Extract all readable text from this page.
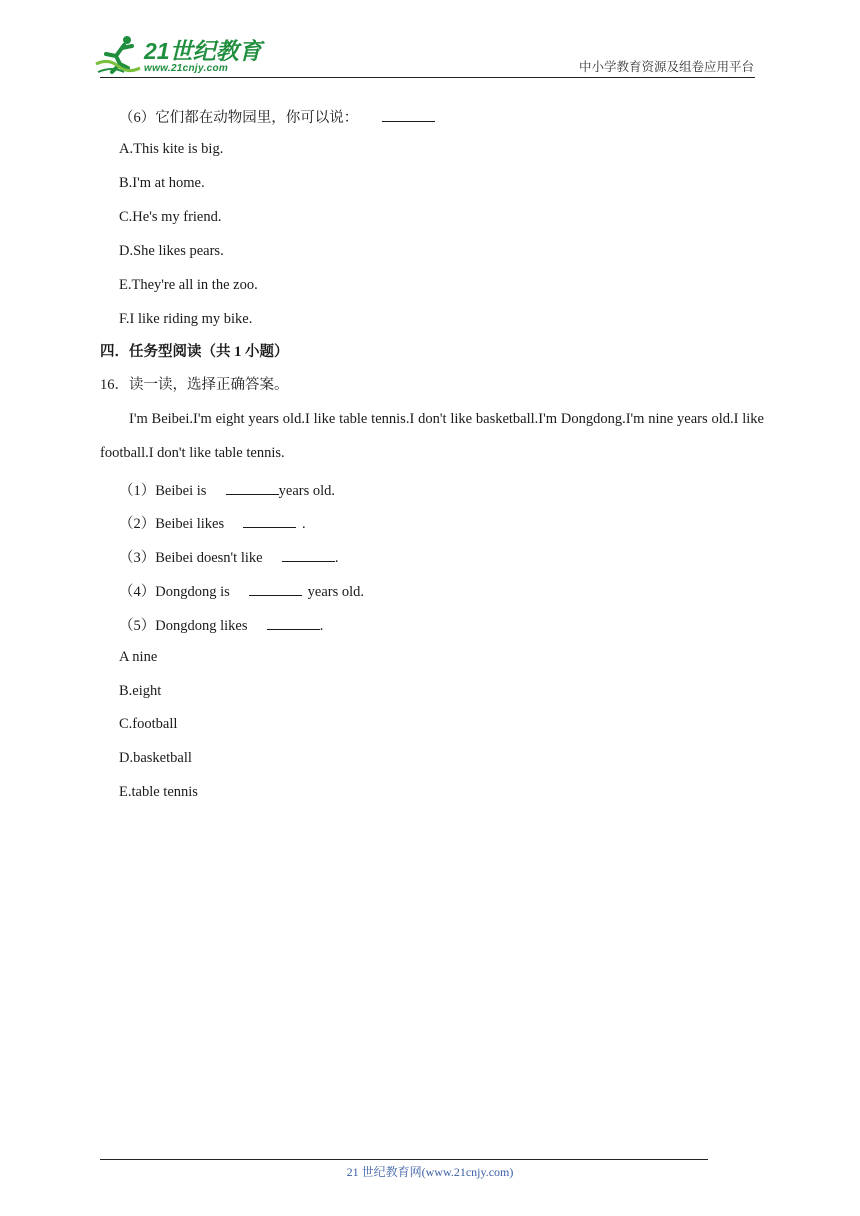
21世纪教育
www.21cnjy.com	中小学教育资源及组卷应用平台
（6）它们都在动物园里，你可以说：
A.This kite is big.
B.I'm at home.
C.He's my friend.
D.She likes pears.
E.They're all in the zoo.
F.I like riding my bike.
四．任务型阅读（共 1 小题）
16．读一读，选择正确答案。
I'm Beibei.I'm eight years old.I like table tennis.I don't like basketball.I'm Dongdong.I'm nine years old.I like football.I don't like table tennis.
（1）Beibei is	years old.
（2）Beibei likes	.
（3）Beibei doesn't like	.
（4）Dongdong is	years old.
（5）Dongdong likes	.
A nine
B.eight
C.football
D.basketball
E.table tennis
21 世纪教育网(www.21cnjy.com)
